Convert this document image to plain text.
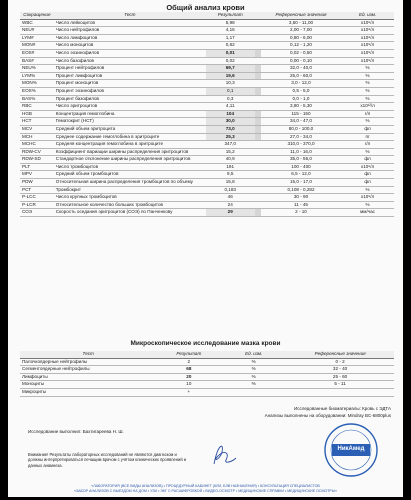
Общий анализ крови
Сокращение	Тест	Результат		Референсные значения	Ед. изм.
WBC	Число лейкоцитов	5,98		3,50 - 11,00	x10⁹/л
NEU#	Число нейтрофилов	4,16		2,00 - 7,00	x10⁹/л
LYM#	Число лимфоцитов	1,17		0,80 - 6,00	x10⁹/л
MON#	Число моноцитов	0,62		0,12 - 1,20	x10⁹/л
EOS#	Число эозинофилов	0,01		0,02 - 0,50	x10⁹/л
BAS#	Число базофилов	0,02		0,00 - 0,10	x10⁹/л
NEU%	Процент нейтрофилов	69,7		32,0 - 40,0	%
LYM%	Процент лимфоцитов	19,6		25,0 - 60,0	%
MON%	Процент моноцитов	10,3		3,0 - 12,0	%
EOS%	Процент эозинофилов	0,1		0,5 - 5,0	%
BAS%	Процент базофилов	0,3		0,0 - 1,0	%
RBC	Число эритроцитов	4,11		3,80 - 5,30	x10¹²/л
HGB	Концентрация гемоглобина	104		115 - 150	г/л
HCT	Гематокрит (HCT)	30,0		34,0 - 47,0	%
MCV	Средний объем эритроцита	73,0		80,0 - 100,0	фл
MCH	Среднее содержание гемоглобина в эритроците	25,3		27,0 - 34,0	пг
MCHC	Средняя концентрация гемоглобина в эритроците	347,0		310,0 - 370,0	г/л
RDW-CV	Коэффициент вариации ширины распределения эритроцитов	15,2		11,0 - 16,0	%
RDW-SD	Стандартное отклонение ширины распределения эритроцитов	40,9		35,0 - 56,0	фл
PLT	Число тромбоцитов	191		100 - 400	x10⁹/л
MPV	Средний объем тромбоцитов	9,5		6,5 - 12,0	фл
PDW	Относительная ширина распределения тромбоцитов по объему	15,8		15,0 - 17,0	фл
PCT	Тромбокрит	0,183		0,108 - 0,282	%
P-LCC	Число крупных тромбоцитов	46		30 - 90	x10⁹/л
P-LCR	Относительное количество больших тромбоцитов	24		11 - 45	%
СОЭ	Скорость оседания эритроцитов (СОЭ) по Панченкову	29		2 - 10	мм/час
Микроскопическое исследование мазка крови
Тест	Результат	Ед. изм.	Референсные значения
Палочкоядерные нейтрофилы	2	%	0 - 2
Сегментоядерные нейтрофилы	68	%	32 - 40
Лимфоциты	20	%	25 - 60
Моноциты	10	%	5 - 11
Микроциты	+		
Исследованные биоматериалы: Кровь с ЭДТА
Анализы выполнены на оборудовании: Mindray BC-6800plus
Исследование выполнил: Бахтигареева Н. Ш.
Внимание! Результаты лабораторных исследований не являются диагнозом и должны интерпретироваться лечащим врачом с учётом клинических проявлений и данных анамнеза.
НикАмед
«ЛАБОРАТОРИЯ (ВСЕ ВИДЫ АНАЛИЗОВ) • ПРОЦЕДУРНЫЙ КАБИНЕТ (КЛИ, БЛВ НАЗНАЧЕНИЯ) • КОНСУЛЬТАЦИЯ СПЕЦИАЛИСТОВ
«ЗАБОР АНАЛИЗОВ С ВЫЕЗДОМ НА ДОМ • УЗИ • ЭКГ С РАСШИФРОВКОЙ • ВИДЕО-ОСМОТР • МЕДИЦИНСКИЕ СПРАВКИ • МЕДИЦИНСКИЕ ОСМОТРЫ»
